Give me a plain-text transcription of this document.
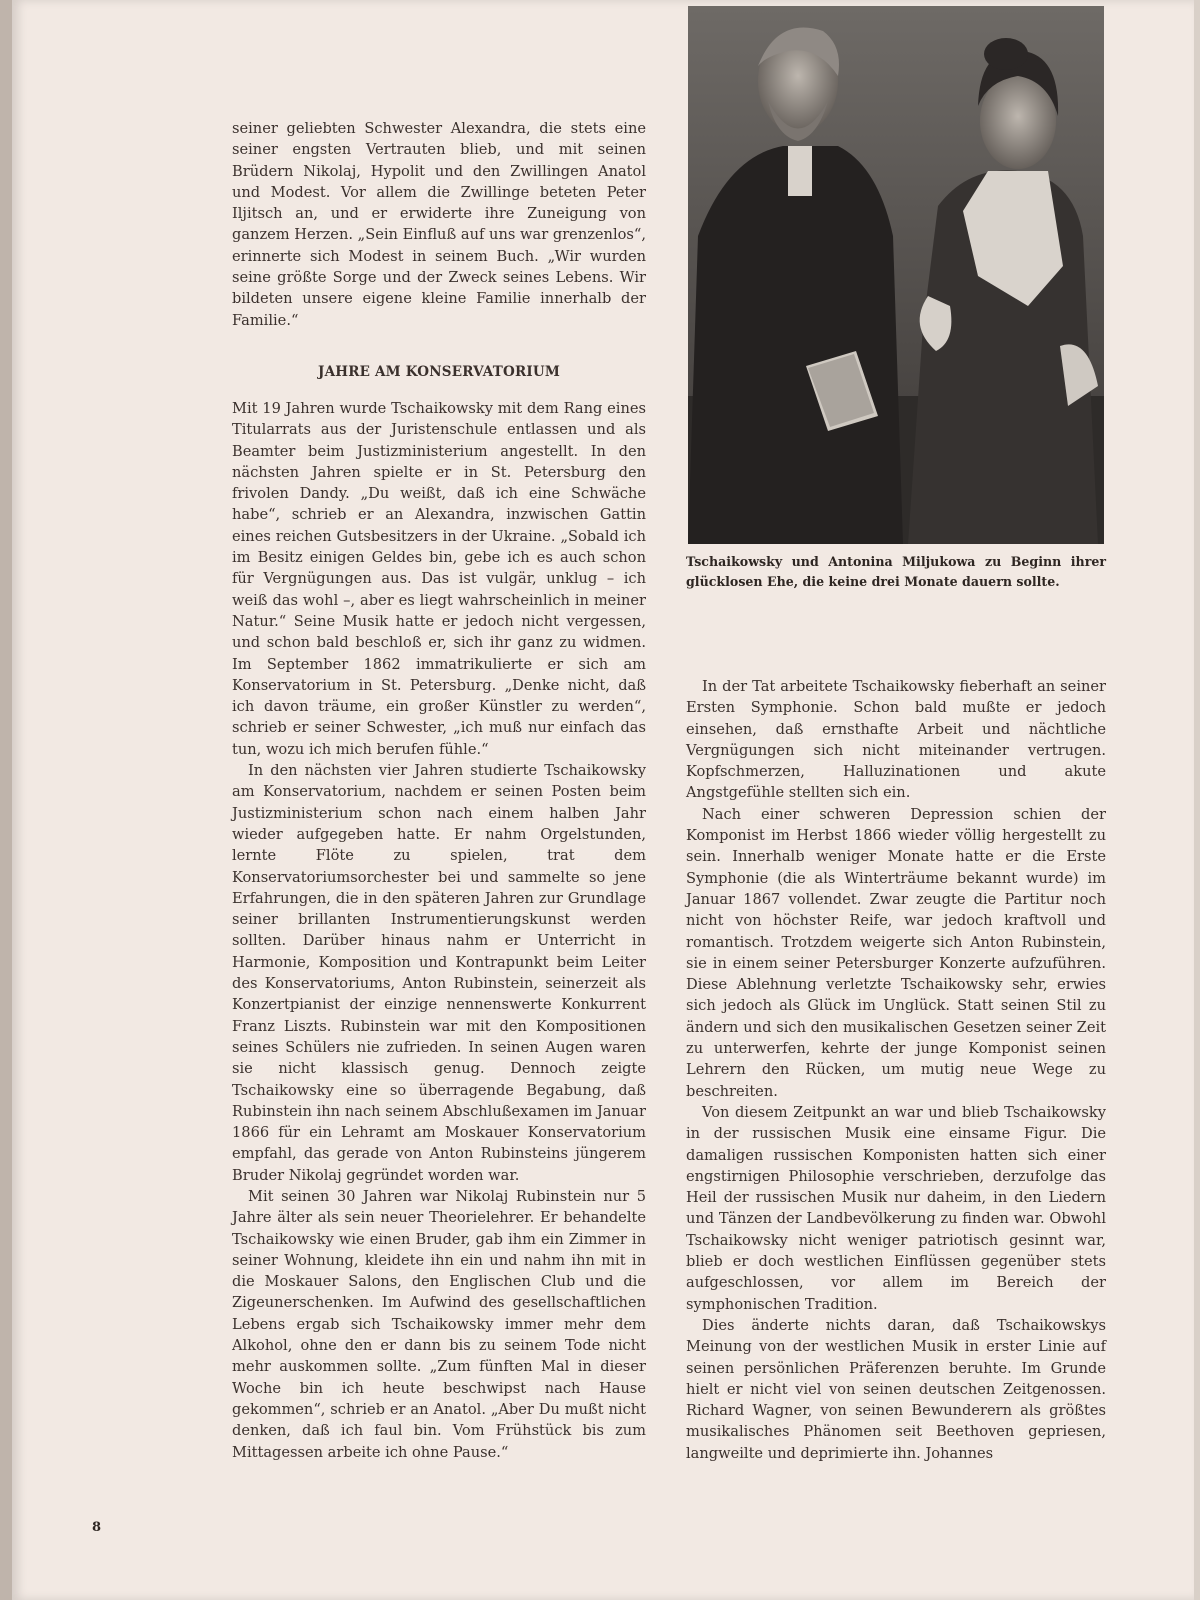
seiner geliebten Schwester Alexandra, die stets eine seiner engsten Vertrauten blieb, und mit seinen Brüdern Nikolaj, Hypolit und den Zwillingen Anatol und Modest. Vor allem die Zwillinge beteten Peter Iljitsch an, und er erwiderte ihre Zuneigung von ganzem Herzen. „Sein Einfluß auf uns war grenzenlos“, erinnerte sich Modest in seinem Buch. „Wir wurden seine größte Sorge und der Zweck seines Lebens. Wir bildeten unsere eigene kleine Familie innerhalb der Familie.“

JAHRE AM KONSERVATORIUM

Mit 19 Jahren wurde Tschaikowsky mit dem Rang eines Titularrats aus der Juristenschule entlassen und als Beamter beim Justizministerium angestellt. In den nächsten Jahren spielte er in St. Petersburg den frivolen Dandy. „Du weißt, daß ich eine Schwäche habe“, schrieb er an Alexandra, inzwischen Gattin eines reichen Gutsbesitzers in der Ukraine. „Sobald ich im Besitz einigen Geldes bin, gebe ich es auch schon für Vergnügungen aus. Das ist vulgär, unklug – ich weiß das wohl –, aber es liegt wahrscheinlich in meiner Natur.“ Seine Musik hatte er jedoch nicht vergessen, und schon bald beschloß er, sich ihr ganz zu widmen. Im September 1862 immatrikulierte er sich am Konservatorium in St. Petersburg. „Denke nicht, daß ich davon träume, ein großer Künstler zu werden“, schrieb er seiner Schwester, „ich muß nur einfach das tun, wozu ich mich berufen fühle.“

In den nächsten vier Jahren studierte Tschaikowsky am Konservatorium, nachdem er seinen Posten beim Justizministerium schon nach einem halben Jahr wieder aufgegeben hatte. Er nahm Orgelstunden, lernte Flöte zu spielen, trat dem Konservatoriumsorchester bei und sammelte so jene Erfahrungen, die in den späteren Jahren zur Grundlage seiner brillanten Instrumentierungskunst werden sollten. Darüber hinaus nahm er Unterricht in Harmonie, Komposition und Kontrapunkt beim Leiter des Konservatoriums, Anton Rubinstein, seinerzeit als Konzertpianist der einzige nennenswerte Konkurrent Franz Liszts. Rubinstein war mit den Kompositionen seines Schülers nie zufrieden. In seinen Augen waren sie nicht klassisch genug. Dennoch zeigte Tschaikowsky eine so überragende Begabung, daß Rubinstein ihn nach seinem Abschlußexamen im Januar 1866 für ein Lehramt am Moskauer Konservatorium empfahl, das gerade von Anton Rubinsteins jüngerem Bruder Nikolaj gegründet worden war.

Mit seinen 30 Jahren war Nikolaj Rubinstein nur 5 Jahre älter als sein neuer Theorielehrer. Er behandelte Tschaikowsky wie einen Bruder, gab ihm ein Zimmer in seiner Wohnung, kleidete ihn ein und nahm ihn mit in die Moskauer Salons, den Englischen Club und die Zigeunerschenken. Im Aufwind des gesellschaftlichen Lebens ergab sich Tschaikowsky immer mehr dem Alkohol, ohne den er dann bis zu seinem Tode nicht mehr auskommen sollte. „Zum fünften Mal in dieser Woche bin ich heute beschwipst nach Hause gekommen“, schrieb er an Anatol. „Aber Du mußt nicht denken, daß ich faul bin. Vom Frühstück bis zum Mittagessen arbeite ich ohne Pause.“

Tschaikowsky und Antonina Miljukowa zu Beginn ihrer glücklosen Ehe, die keine drei Monate dauern sollte.

In der Tat arbeitete Tschaikowsky fieberhaft an seiner Ersten Symphonie. Schon bald mußte er jedoch einsehen, daß ernsthafte Arbeit und nächtliche Vergnügungen sich nicht miteinander vertrugen. Kopfschmerzen, Halluzinationen und akute Angstgefühle stellten sich ein.

Nach einer schweren Depression schien der Komponist im Herbst 1866 wieder völlig hergestellt zu sein. Innerhalb weniger Monate hatte er die Erste Symphonie (die als Winterträume bekannt wurde) im Januar 1867 vollendet. Zwar zeugte die Partitur noch nicht von höchster Reife, war jedoch kraftvoll und romantisch. Trotzdem weigerte sich Anton Rubinstein, sie in einem seiner Petersburger Konzerte aufzuführen. Diese Ablehnung verletzte Tschaikowsky sehr, erwies sich jedoch als Glück im Unglück. Statt seinen Stil zu ändern und sich den musikalischen Gesetzen seiner Zeit zu unterwerfen, kehrte der junge Komponist seinen Lehrern den Rücken, um mutig neue Wege zu beschreiten.

Von diesem Zeitpunkt an war und blieb Tschaikowsky in der russischen Musik eine einsame Figur. Die damaligen russischen Komponisten hatten sich einer engstirnigen Philosophie verschrieben, derzufolge das Heil der russischen Musik nur daheim, in den Liedern und Tänzen der Landbevölkerung zu finden war. Obwohl Tschaikowsky nicht weniger patriotisch gesinnt war, blieb er doch westlichen Einflüssen gegenüber stets aufgeschlossen, vor allem im Bereich der symphonischen Tradition.

Dies änderte nichts daran, daß Tschaikowskys Meinung von der westlichen Musik in erster Linie auf seinen persönlichen Präferenzen beruhte. Im Grunde hielt er nicht viel von seinen deutschen Zeitgenossen. Richard Wagner, von seinen Bewunderern als größtes musikalisches Phänomen seit Beethoven gepriesen, langweilte und deprimierte ihn. Johannes

8
